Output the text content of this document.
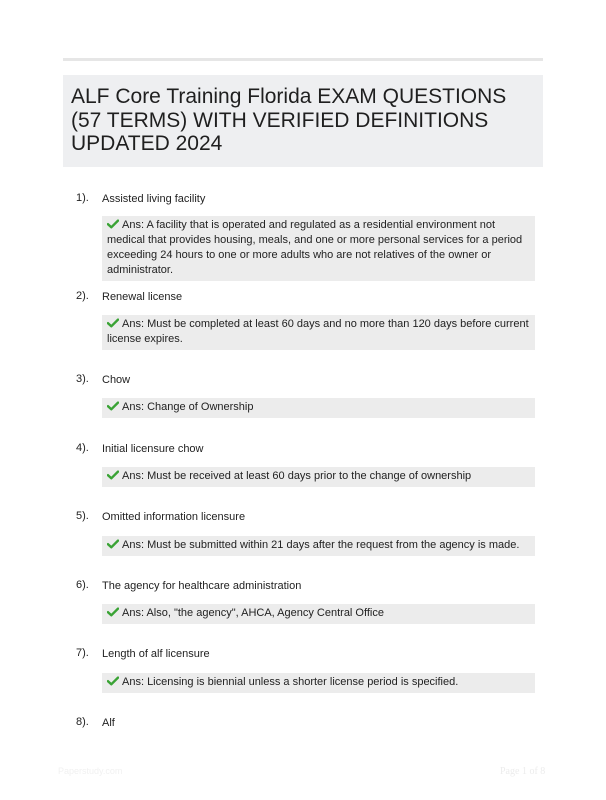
ALF Core Training Florida EXAM QUESTIONS (57 TERMS) WITH VERIFIED DEFINITIONS UPDATED 2024
1). Assisted living facility
Ans: A facility that is operated and regulated as a residential environment not medical that provides housing, meals, and one or more personal services for a period exceeding 24 hours to one or more adults who are not relatives of the owner or administrator.
2). Renewal license
Ans: Must be completed at least 60 days and no more than 120 days before current license expires.
3). Chow
Ans: Change of Ownership
4). Initial licensure chow
Ans: Must be received at least 60 days prior to the change of ownership
5). Omitted information licensure
Ans: Must be submitted within 21 days after the request from the agency is made.
6). The agency for healthcare administration
Ans: Also, "the agency", AHCA, Agency Central Office
7). Length of alf licensure
Ans: Licensing is biennial unless a shorter license period is specified.
8). Alf
Paperstudy.com	Page 1 of 8
